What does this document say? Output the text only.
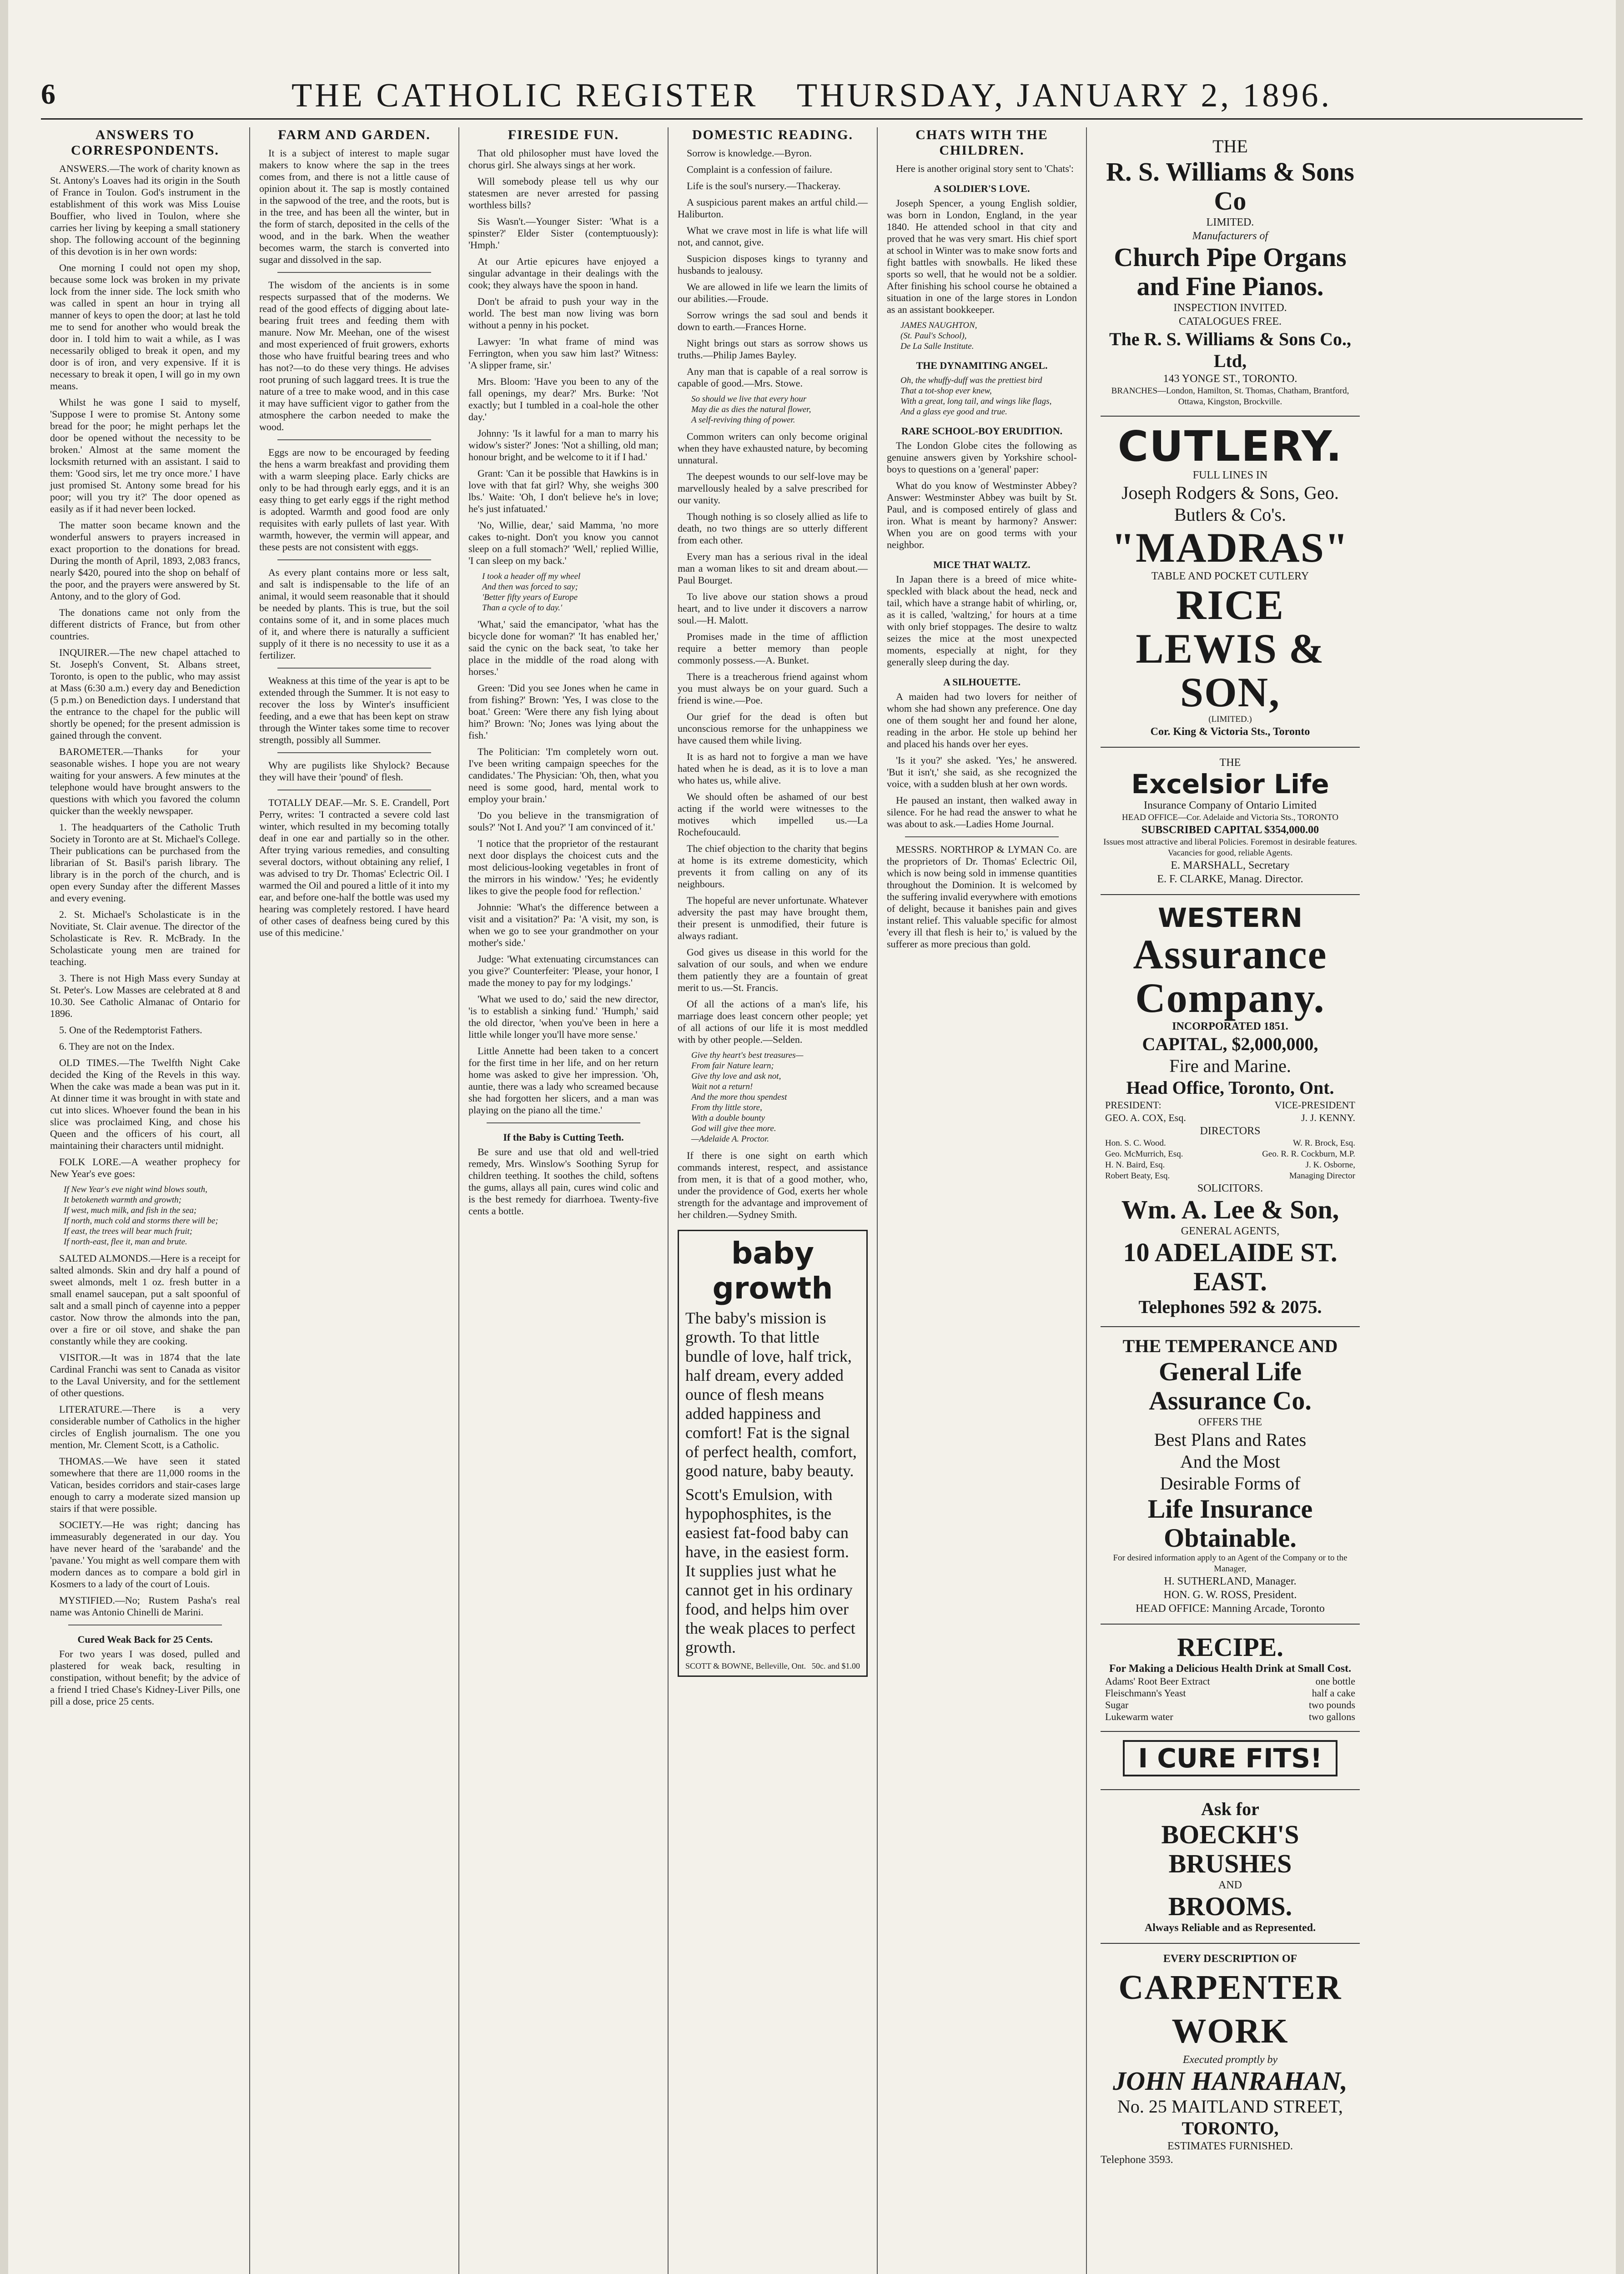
6	THE CATHOLIC REGISTER THURSDAY, JANUARY 2, 1896.
ANSWERS TO CORRESPONDENTS.

ANSWERS.—The work of charity known as St. Antony's Loaves had its origin in the South of France in Toulon. God's instrument in the establishment of this work was Miss Louise Bouffier, who lived in Toulon, where she carries her living by keeping a small stationery shop. The following account of the beginning of this devotion is in her own words:

One morning I could not open my shop, because some lock was broken in my private lock from the inner side. The lock smith who was called in spent an hour in trying all manner of keys to open the door; at last he told me to send for another who would break the door in. I told him to wait a while, as I was necessarily obliged to break it open, and my door is of iron, and very expensive. If it is necessary to break it open, I will go in my own means.

Whilst he was gone I said to myself, 'Suppose I were to promise St. Antony some bread for the poor; he might perhaps let the door be opened without the necessity to be broken.' Almost at the same moment the locksmith returned with an assistant. I said to them: 'Good sirs, let me try once more.' I have just promised St. Antony some bread for his poor; will you try it?' The door opened as easily as if it had never been locked.

The matter soon became known and the wonderful answers to prayers increased in exact proportion to the donations for bread. During the month of April, 1893, 2,083 francs, nearly $420, poured into the shop on behalf of the poor, and the prayers were answered by St. Antony, and to the glory of God.

The donations came not only from the different districts of France, but from other countries.

INQUIRER.—The new chapel attached to St. Joseph's Convent, St. Albans street, Toronto, is open to the public, who may assist at Mass (6:30 a.m.) every day and Benediction (5 p.m.) on Benediction days. I understand that the entrance to the chapel for the public will shortly be opened; for the present admission is gained through the convent.

BAROMETER.—Thanks for your seasonable wishes. I hope you are not weary waiting for your answers. A few minutes at the telephone would have brought answers to the questions with which you favored the column quicker than the weekly newspaper.

1. The headquarters of the Catholic Truth Society in Toronto are at St. Michael's College. Their publications can be purchased from the librarian of St. Basil's parish library. The library is in the porch of the church, and is open every Sunday after the different Masses and every evening.

2. St. Michael's Scholasticate is in the Novitiate, St. Clair avenue. The director of the Scholasticate is Rev. R. McBrady. In the Scholasticate young men are trained for teaching.

3. There is not High Mass every Sunday at St. Peter's. Low Masses are celebrated at 8 and 10.30. See Catholic Almanac of Ontario for 1896.

5. One of the Redemptorist Fathers.

6. They are not on the Index.

OLD TIMES.—The Twelfth Night Cake decided the King of the Revels in this way. When the cake was made a bean was put in it. At dinner time it was brought in with state and cut into slices. Whoever found the bean in his slice was proclaimed King, and chose his Queen and the officers of his court, all maintaining their characters until midnight.

FOLK LORE.—A weather prophecy for New Year's eve goes:

If New Year's eve night wind blows south,
It betokeneth warmth and growth;
If west, much milk, and fish in the sea;
If north, much cold and storms there will be;
If east, the trees will bear much fruit;
If north-east, flee it, man and brute.

SALTED ALMONDS.—Here is a receipt for salted almonds. Skin and dry half a pound of sweet almonds, melt 1 oz. fresh butter in a small enamel saucepan, put a salt spoonful of salt and a small pinch of cayenne into a pepper castor. Now throw the almonds into the pan, over a fire or oil stove, and shake the pan constantly while they are cooking.

VISITOR.—It was in 1874 that the late Cardinal Franchi was sent to Canada as visitor to the Laval University, and for the settlement of other questions.

LITERATURE.—There is a very considerable number of Catholics in the higher circles of English journalism. The one you mention, Mr. Clement Scott, is a Catholic.

THOMAS.—We have seen it stated somewhere that there are 11,000 rooms in the Vatican, besides corridors and stair-cases large enough to carry a moderate sized mansion up stairs if that were possible.

SOCIETY.—He was right; dancing has immeasurably degenerated in our day. You have never heard of the 'sarabande' and the 'pavane.' You might as well compare them with modern dances as to compare a bold girl in Kosmers to a lady of the court of Louis.

MYSTIFIED.—No; Rustem Pasha's real name was Antonio Chinelli de Marini.

Cured Weak Back for 25 Cents.

For two years I was dosed, pulled and plastered for weak back, resulting in constipation, without benefit; by the advice of a friend I tried Chase's Kidney-Liver Pills, one pill a dose, price 25 cents.

FARM AND GARDEN.

It is a subject of interest to maple sugar makers to know where the sap in the trees comes from, and there is not a little cause of opinion about it. The sap is mostly contained in the sapwood of the tree, and the roots, but is in the tree, and has been all the winter, but in the form of starch, deposited in the cells of the wood, and in the bark. When the weather becomes warm, the starch is converted into sugar and dissolved in the sap.

The wisdom of the ancients is in some respects surpassed that of the moderns. We read of the good effects of digging about late-bearing fruit trees and feeding them with manure. Now Mr. Meehan, one of the wisest and most experienced of fruit growers, exhorts those who have fruitful bearing trees and who has not?—to do these very things. He advises root pruning of such laggard trees. It is true the nature of a tree to make wood, and in this case it may have sufficient vigor to gather from the atmosphere the carbon needed to make the wood.

Eggs are now to be encouraged by feeding the hens a warm breakfast and providing them with a warm sleeping place. Early chicks are only to be had through early eggs, and it is an easy thing to get early eggs if the right method is adopted. Warmth and good food are only requisites with early pullets of last year. With warmth, however, the vermin will appear, and these pests are not consistent with eggs.

As every plant contains more or less salt, and salt is indispensable to the life of an animal, it would seem reasonable that it should be needed by plants. This is true, but the soil contains some of it, and in some places much of it, and where there is naturally a sufficient supply of it there is no necessity to use it as a fertilizer.

Weakness at this time of the year is apt to be extended through the Summer. It is not easy to recover the loss by Winter's insufficient feeding, and a ewe that has been kept on straw through the Winter takes some time to recover strength, possibly all Summer.

Why are pugilists like Shylock? Because they will have their 'pound' of flesh.

TOTALLY DEAF.—Mr. S. E. Crandell, Port Perry, writes: 'I contracted a severe cold last winter, which resulted in my becoming totally deaf in one ear and partially so in the other. After trying various remedies, and consulting several doctors, without obtaining any relief, I was advised to try Dr. Thomas' Eclectric Oil. I warmed the Oil and poured a little of it into my ear, and before one-half the bottle was used my hearing was completely restored. I have heard of other cases of deafness being cured by this use of this medicine.'

FIRESIDE FUN.

That old philosopher must have loved the chorus girl. She always sings at her work.

Will somebody please tell us why our statesmen are never arrested for passing worthless bills?

Sis Wasn't.—Younger Sister: 'What is a spinster?' Elder Sister (contemptuously): 'Hmph.'

At our Artie epicures have enjoyed a singular advantage in their dealings with the cook; they always have the spoon in hand.

Don't be afraid to push your way in the world. The best man now living was born without a penny in his pocket.

Lawyer: 'In what frame of mind was Ferrington, when you saw him last?' Witness: 'A slipper frame, sir.'

Mrs. Bloom: 'Have you been to any of the fall openings, my dear?' Mrs. Burke: 'Not exactly; but I tumbled in a coal-hole the other day.'

Johnny: 'Is it lawful for a man to marry his widow's sister?' Jones: 'Not a shilling, old man; honour bright, and be welcome to it if I had.'

Grant: 'Can it be possible that Hawkins is in love with that fat girl? Why, she weighs 300 lbs.' Waite: 'Oh, I don't believe he's in love; he's just infatuated.'

'No, Willie, dear,' said Mamma, 'no more cakes to-night. Don't you know you cannot sleep on a full stomach?' 'Well,' replied Willie, 'I can sleep on my back.'

I took a header off my wheel
And then was forced to say;
'Better fifty years of Europe
Than a cycle of to day.'

'What,' said the emancipator, 'what has the bicycle done for woman?' 'It has enabled her,' said the cynic on the back seat, 'to take her place in the middle of the road along with horses.'

Green: 'Did you see Jones when he came in from fishing?' Brown: 'Yes, I was close to the boat.' Green: 'Were there any fish lying about him?' Brown: 'No; Jones was lying about the fish.'

The Politician: 'I'm completely worn out. I've been writing campaign speeches for the candidates.' The Physician: 'Oh, then, what you need is some good, hard, mental work to employ your brain.'

'Do you believe in the transmigration of souls?' 'Not I. And you?' 'I am convinced of it.'

'I notice that the proprietor of the restaurant next door displays the choicest cuts and the most delicious-looking vegetables in front of the mirrors in his window.' 'Yes; he evidently likes to give the people food for reflection.'

Johnnie: 'What's the difference between a visit and a visitation?' Pa: 'A visit, my son, is when we go to see your grandmother on your mother's side.'

Judge: 'What extenuating circumstances can you give?' Counterfeiter: 'Please, your honor, I made the money to pay for my lodgings.'

'What we used to do,' said the new director, 'is to establish a sinking fund.' 'Humph,' said the old director, 'when you've been in here a little while longer you'll have more sense.'

Little Annette had been taken to a concert for the first time in her life, and on her return home was asked to give her impression. 'Oh, auntie, there was a lady who screamed because she had forgotten her slicers, and a man was playing on the piano all the time.'

If the Baby is Cutting Teeth.

Be sure and use that old and well-tried remedy, Mrs. Winslow's Soothing Syrup for children teething. It soothes the child, softens the gums, allays all pain, cures wind colic and is the best remedy for diarrhoea. Twenty-five cents a bottle.

DOMESTIC READING.

Sorrow is knowledge.—Byron.

Complaint is a confession of failure.

Life is the soul's nursery.—Thackeray.

A suspicious parent makes an artful child.—Haliburton.

What we crave most in life is what life will not, and cannot, give.

Suspicion disposes kings to tyranny and husbands to jealousy.

We are allowed in life we learn the limits of our abilities.—Froude.

Sorrow wrings the sad soul and bends it down to earth.—Frances Horne.

Night brings out stars as sorrow shows us truths.—Philip James Bayley.

Any man that is capable of a real sorrow is capable of good.—Mrs. Stowe.

So should we live that every hour
May die as dies the natural flower,
A self-reviving thing of power.

Common writers can only become original when they have exhausted nature, by becoming unnatural.

The deepest wounds to our self-love may be marvellously healed by a salve prescribed for our vanity.

Though nothing is so closely allied as life to death, no two things are so utterly different from each other.

Every man has a serious rival in the ideal man a woman likes to sit and dream about.—Paul Bourget.

To live above our station shows a proud heart, and to live under it discovers a narrow soul.—H. Malott.

Promises made in the time of affliction require a better memory than people commonly possess.—A. Bunket.

There is a treacherous friend against whom you must always be on your guard. Such a friend is wine.—Poe.

Our grief for the dead is often but unconscious remorse for the unhappiness we have caused them while living.

It is as hard not to forgive a man we have hated when he is dead, as it is to love a man who hates us, while alive.

We should often be ashamed of our best acting if the world were witnesses to the motives which impelled us.—La Rochefoucauld.

The chief objection to the charity that begins at home is its extreme domesticity, which prevents it from calling on any of its neighbours.

The hopeful are never unfortunate. Whatever adversity the past may have brought them, their present is unmodified, their future is always radiant.

God gives us disease in this world for the salvation of our souls, and when we endure them patiently they are a fountain of great merit to us.—St. Francis.

Of all the actions of a man's life, his marriage does least concern other people; yet of all actions of our life it is most meddled with by other people.—Selden.

Give thy heart's best treasures—
From fair Nature learn;
Give thy love and ask not,
Wait not a return!
And the more thou spendest
From thy little store,
With a double bounty
God will give thee more.
—Adelaide A. Proctor.

If there is one sight on earth which commands interest, respect, and assistance from men, it is that of a good mother, who, under the providence of God, exerts her whole strength for the advantage and improvement of her children.—Sydney Smith.

baby growth

The baby's mission is growth. To that little bundle of love, half trick, half dream, every added ounce of flesh means added happiness and comfort! Fat is the signal of perfect health, comfort, good nature, baby beauty.

Scott's Emulsion, with hypophosphites, is the easiest fat-food baby can have, in the easiest form. It supplies just what he cannot get in his ordinary food, and helps him over the weak places to perfect growth.

SCOTT & BOWNE, Belleville, Ont. 50c. and $1.00
CHATS WITH THE CHILDREN.

Here is another original story sent to 'Chats':

A SOLDIER'S LOVE.

Joseph Spencer, a young English soldier, was born in London, England, in the year 1840. He attended school in that city and proved that he was very smart. His chief sport at school in Winter was to make snow forts and fight battles with snowballs. He liked these sports so well, that he would not be a soldier. After finishing his school course he obtained a situation in one of the large stores in London as an assistant bookkeeper.

JAMES NAUGHTON,
(St. Paul's School),
De La Salle Institute.
THE DYNAMITING ANGEL.
Oh, the whuffy-duff was the prettiest bird
That a tot-shop ever knew,
With a great, long tail, and wings like flags,
And a glass eye good and true.
RARE SCHOOL-BOY ERUDITION.

The London Globe cites the following as genuine answers given by Yorkshire school-boys to questions on a 'general' paper:

What do you know of Westminster Abbey? Answer: Westminster Abbey was built by St. Paul, and is composed entirely of glass and iron. What is meant by harmony? Answer: When you are on good terms with your neighbor.

MICE THAT WALTZ.

In Japan there is a breed of mice white-speckled with black about the head, neck and tail, which have a strange habit of whirling, or, as it is called, 'waltzing,' for hours at a time with only brief stoppages. The desire to waltz seizes the mice at the most unexpected moments, especially at night, for they generally sleep during the day.

A SILHOUETTE.

A maiden had two lovers for neither of whom she had shown any preference. One day one of them sought her and found her alone, reading in the arbor. He stole up behind her and placed his hands over her eyes.

'Is it you?' she asked. 'Yes,' he answered. 'But it isn't,' she said, as she recognized the voice, with a sudden blush at her own words.

He paused an instant, then walked away in silence. For he had read the answer to what he was about to ask.—Ladies Home Journal.

MESSRS. NORTHROP & LYMAN Co. are the proprietors of Dr. Thomas' Eclectric Oil, which is now being sold in immense quantities throughout the Dominion. It is welcomed by the suffering invalid everywhere with emotions of delight, because it banishes pain and gives instant relief. This valuable specific for almost 'every ill that flesh is heir to,' is valued by the sufferer as more precious than gold.

THE
R. S. Williams & Sons Co
LIMITED.
Manufacturers of
Church Pipe Organs
and Fine Pianos.
INSPECTION INVITED.
CATALOGUES FREE.
The R. S. Williams & Sons Co., Ltd,
143 YONGE ST., TORONTO.
BRANCHES—London, Hamilton, St. Thomas, Chatham, Brantford, Ottawa, Kingston, Brockville.
CUTLERY.
FULL LINES IN
Joseph Rodgers & Sons, Geo. Butlers & Co's.
"MADRAS"
TABLE AND POCKET CUTLERY
RICE LEWIS & SON,
(LIMITED.)
Cor. King & Victoria Sts., Toronto
THE
Excelsior Life
Insurance Company of Ontario Limited
HEAD OFFICE—Cor. Adelaide and Victoria Sts., TORONTO
SUBSCRIBED CAPITAL $354,000.00
Issues most attractive and liberal Policies. Foremost in desirable features. Vacancies for good, reliable Agents.
E. MARSHALL, Secretary
E. F. CLARKE, Manag. Director.
WESTERN
Assurance Company.
INCORPORATED 1851.
CAPITAL, $2,000,000,
Fire and Marine.
Head Office, Toronto, Ont.
PRESIDENT:
GEO. A. COX, Esq.
VICE-PRESIDENT
J. J. KENNY.
DIRECTORS
Hon. S. C. Wood.
Geo. McMurrich, Esq.
H. N. Baird, Esq.
Robert Beaty, Esq.
W. R. Brock, Esq.
Geo. R. R. Cockburn, M.P.
J. K. Osborne,
Managing Director
SOLICITORS.
Wm. A. Lee & Son,
GENERAL AGENTS,
10 ADELAIDE ST. EAST.
Telephones 592 & 2075.
THE TEMPERANCE AND
General Life Assurance Co.
OFFERS THE
Best Plans and Rates
And the Most
Desirable Forms of
Life Insurance Obtainable.
For desired information apply to an Agent of the Company or to the Manager,
H. SUTHERLAND, Manager.
HON. G. W. ROSS, President.
HEAD OFFICE: Manning Arcade, Toronto
RECIPE.
For Making a Delicious Health Drink at Small Cost.
Adams' Root Beer Extract	one bottle
Fleischmann's Yeast	half a cake
Sugar	two pounds
Lukewarm water	two gallons
I CURE FITS!
Ask for
BOECKH'S BRUSHES
AND
BROOMS.
Always Reliable and as Represented.
EVERY DESCRIPTION OF
CARPENTER WORK
Executed promptly by
JOHN HANRAHAN,
No. 25 MAITLAND STREET,
TORONTO,
ESTIMATES FURNISHED.
Telephone 3593.
